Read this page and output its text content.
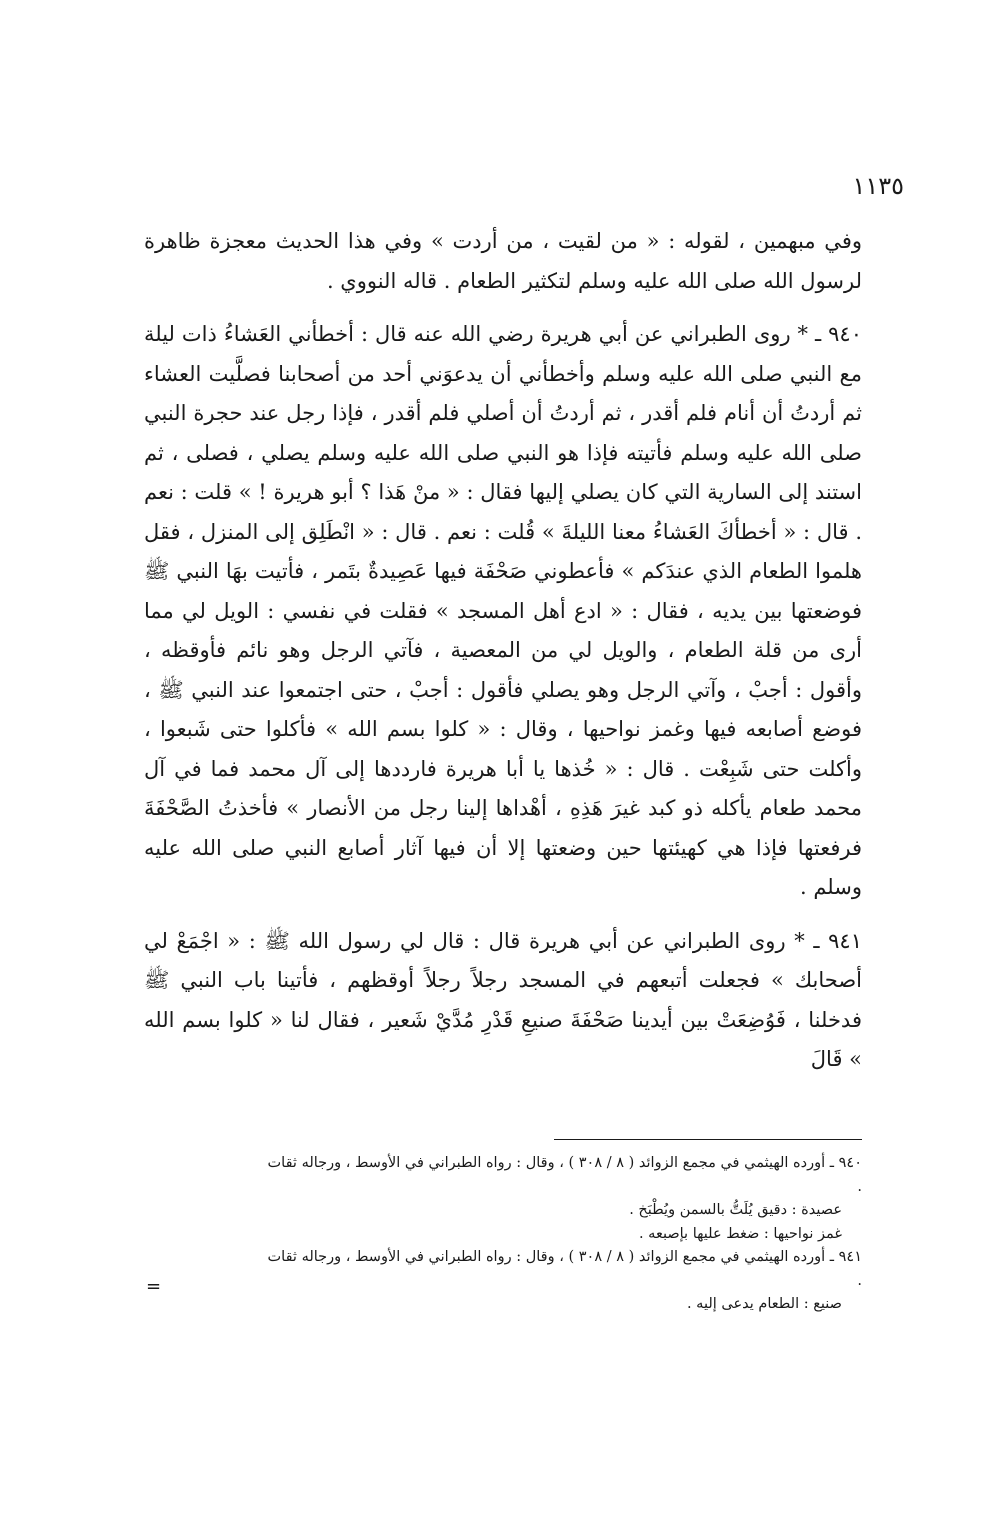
١١٣٥

وفي مبهمين ، لقوله : « من لقيت ، من أردت » وفي هذا الحديث معجزة ظاهرة لرسول الله صلى الله عليه وسلم لتكثير الطعام . قاله النووي .

٩٤٠ ـ * روى الطبراني عن أبي هريرة رضي الله عنه قال : أخطأني العَشاءُ ذات ليلة مع النبي صلى الله عليه وسلم وأخطأني أن يدعوَني أحد من أصحابنا فصلَّيت العشاء ثم أردتُ أن أنام فلم أقدر ، ثم أردتُ أن أصلي فلم أقدر ، فإذا رجل عند حجرة النبي صلى الله عليه وسلم فأتيته فإذا هو النبي صلى الله عليه وسلم يصلي ، فصلى ، ثم استند إلى السارية التي كان يصلي إليها فقال : « منْ هَذا ؟ أبو هريرة ! » قلت : نعم . قال : « أخطأكَ العَشاءُ معنا الليلةَ » قُلت : نعم . قال : « انْطَلِق إلى المنزل ، فقل هلموا الطعام الذي عندَكم » فأعطوني صَحْفَة فيها عَصِيدةٌ بتَمر ، فأتيت بهَا النبي ﷺ فوضعتها بين يديه ، فقال : « ادع أهل المسجد » فقلت في نفسي : الويل لي مما أرى من قلة الطعام ، والويل لي من المعصية ، فآتي الرجل وهو نائم فأوقظه ، وأقول : أجبْ ، وآتي الرجل وهو يصلي فأقول : أجبْ ، حتى اجتمعوا عند النبي ﷺ ، فوضع أصابعه فيها وغمز نواحيها ، وقال : « كلوا بسم الله » فأكلوا حتى شَبعوا ، وأكلت حتى شَبِعْت . قال : « خُذها يا أبا هريرة فارددها إلى آل محمد فما في آل محمد طعام يأكله ذو كبد غيرَ هَذِهِ ، أهْداها إلينا رجل من الأنصار » فأخذتُ الصَّحْفَةَ فرفعتها فإذا هي كهيئتها حين وضعتها إلا أن فيها آثار أصابع النبي صلى الله عليه وسلم .

٩٤١ ـ * روى الطبراني عن أبي هريرة قال : قال لي رسول الله ﷺ : « اجْمَعْ لي أصحابك » فجعلت أتبعهم في المسجد رجلاً رجلاً أوقظهم ، فأتينا باب النبي ﷺ فدخلنا ، فَوُضِعَتْ بين أيدينا صَحْفَةَ صنيعِ قَدْرِ مُدَّيْ شَعير ، فقال لنا « كلوا بسم الله » قَالَ

٩٤٠ ـ أورده الهيثمي في مجمع الزوائد ( ٨ / ٣٠٨ ) ، وقال : رواه الطبراني في الأوسط ، ورجاله ثقات .

عصيدة : دقيق يُلَتُّ بالسمن ويُطْبَخ .

غمز نواحيها : ضغط عليها بإصبعه .

٩٤١ ـ أورده الهيثمي في مجمع الزوائد ( ٨ / ٣٠٨ ) ، وقال : رواه الطبراني في الأوسط ، ورجاله ثقات .

صنيع : الطعام يدعى إليه .

=
